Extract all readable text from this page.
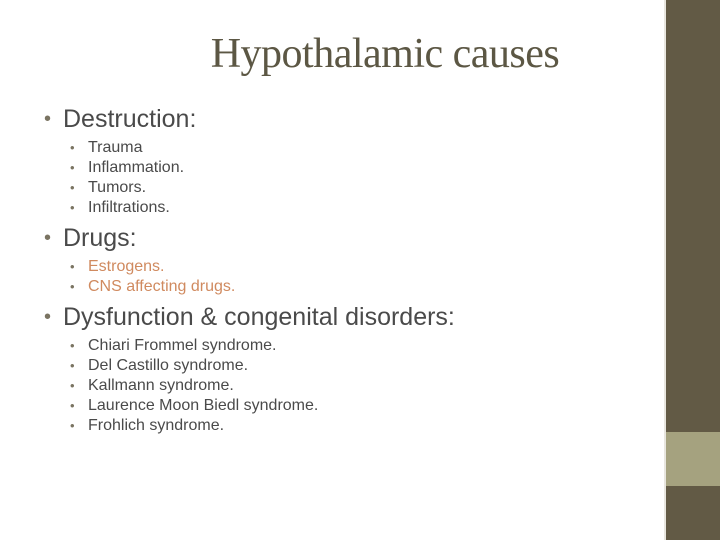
Hypothalamic causes
• Destruction:
• Trauma
• Inflammation.
• Tumors.
• Infiltrations.
• Drugs:
• Estrogens.
• CNS affecting drugs.
• Dysfunction & congenital disorders:
• Chiari Frommel syndrome.
• Del Castillo syndrome.
• Kallmann syndrome.
• Laurence Moon Biedl syndrome.
• Frohlich syndrome.
